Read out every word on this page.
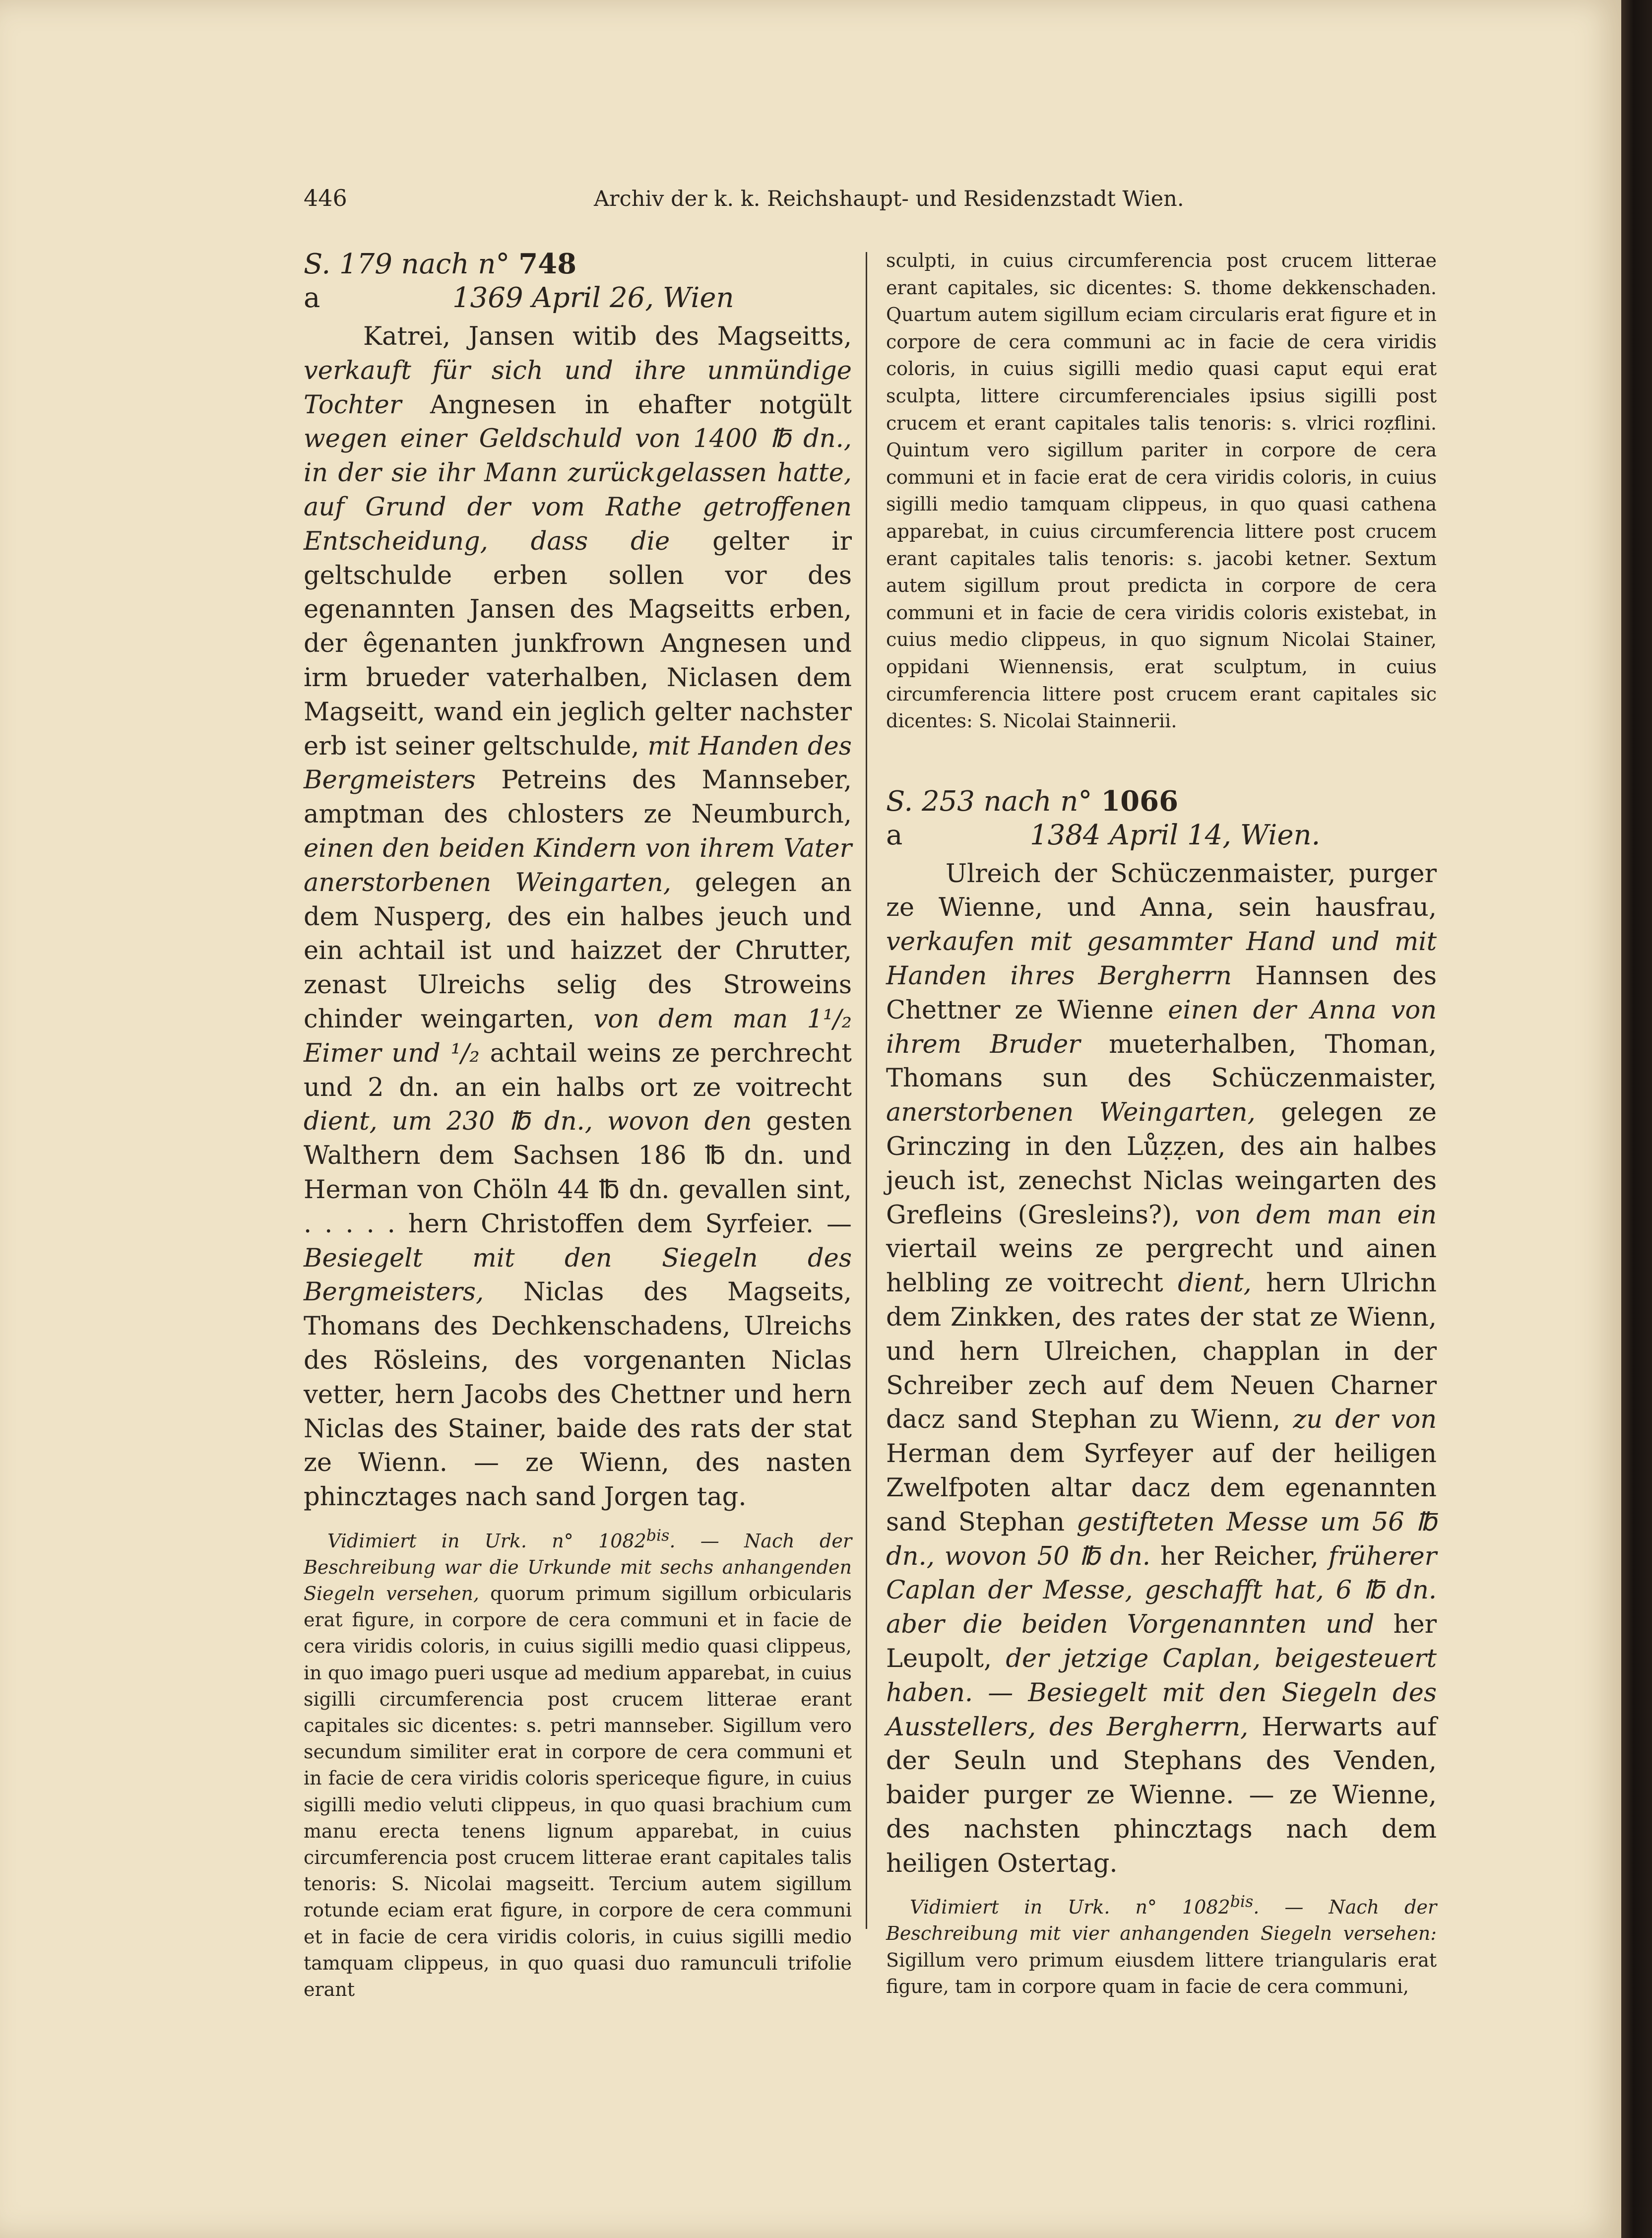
446	Archiv der k. k. Reichshaupt- und Residenzstadt Wien.

S. 179 nach n° 748

a	1369 April 26, Wien

Katrei, Jansen witib des Magseitts, verkauft für sich und ihre unmündige Tochter Angnesen in ehafter notgült wegen einer Geldschuld von 1400 ℔ dn., in der sie ihr Mann zurückgelassen hatte, auf Grund der vom Rathe getroffenen Entscheidung, dass die gelter ir geltschulde erben sollen vor des egenannten Jansen des Magseitts erben, der êgenanten junkfrown Angnesen und irm brueder vaterhalben, Niclasen dem Magseitt, wand ein jeglich gelter nachster erb ist seiner geltschulde, mit Handen des Bergmeisters Petreins des Mannseber, amptman des chlosters ze Neumburch, einen den beiden Kindern von ihrem Vater anerstorbenen Weingarten, gelegen an dem Nusperg, des ein halbes jeuch und ein achtail ist und haizzet der Chrutter, zenast Ulreichs selig des Stroweins chinder weingarten, von dem man 1¹/₂ Eimer und ¹/₂ achtail weins ze perchrecht und 2 dn. an ein halbs ort ze voitrecht dient, um 230 ℔ dn., wovon den gesten Walthern dem Sachsen 186 ℔ dn. und Herman von Chöln 44 ℔ dn. gevallen sint, . . . . . hern Christoffen dem Syrfeier. — Besiegelt mit den Siegeln des Bergmeisters, Niclas des Magseits, Thomans des Dechkenschadens, Ulreichs des Rösleins, des vorgenanten Niclas vetter, hern Jacobs des Chettner und hern Niclas des Stainer, baide des rats der stat ze Wienn. — ze Wienn, des nasten phincztages nach sand Jorgen tag.

Vidimiert in Urk. n° $1082^{bis}$. — Nach der Beschreibung war die Urkunde mit sechs anhangenden Siegeln versehen, quorum primum sigillum orbicularis erat figure, in corpore de cera communi et in facie de cera viridis coloris, in cuius sigilli medio quasi clippeus, in quo imago pueri usque ad medium apparebat, in cuius sigilli circumferencia post crucem litterae erant capitales sic dicentes: s. petri mannseber. Sigillum vero secundum similiter erat in corpore de cera communi et in facie de cera viridis coloris spericeque figure, in cuius sigilli medio veluti clippeus, in quo quasi brachium cum manu erecta tenens lignum apparebat, in cuius circumferencia post crucem litterae erant capitales talis tenoris: S. Nicolai magseitt. Tercium autem sigillum rotunde eciam erat figure, in corpore de cera communi et in facie de cera viridis coloris, in cuius sigilli medio tamquam clippeus, in quo quasi duo ramunculi trifolie erant

sculpti, in cuius circumferencia post crucem litterae erant capitales, sic dicentes: S. thome dekkenschaden. Quartum autem sigillum eciam circularis erat figure et in corpore de cera communi ac in facie de cera viridis coloris, in cuius sigilli medio quasi caput equi erat sculpta, littere circumferenciales ipsius sigilli post crucem et erant capitales talis tenoris: s. vlrici roẓflini. Quintum vero sigillum pariter in corpore de cera communi et in facie erat de cera viridis coloris, in cuius sigilli medio tamquam clippeus, in quo quasi cathena apparebat, in cuius circumferencia littere post crucem erant capitales talis tenoris: s. jacobi ketner. Sextum autem sigillum prout predicta in corpore de cera communi et in facie de cera viridis coloris existebat, in cuius medio clippeus, in quo signum Nicolai Stainer, oppidani Wiennensis, erat sculptum, in cuius circumferencia littere post crucem erant capitales sic dicentes: S. Nicolai Stainnerii.

S. 253 nach n° 1066

a	1384 April 14, Wien.

Ulreich der Schüczenmaister, purger ze Wienne, und Anna, sein hausfrau, verkaufen mit gesammter Hand und mit Handen ihres Bergherrn Hannsen des Chettner ze Wienne einen der Anna von ihrem Bruder mueterhalben, Thoman, Thomans sun des Schüczenmaister, anerstorbenen Weingarten, gelegen ze Grinczing in den Lůẓẓen, des ain halbes jeuch ist, zenechst Niclas weingarten des Grefleins (Gresleins?), von dem man ein viertail weins ze pergrecht und ainen helbling ze voitrecht dient, hern Ulrichn dem Zinkken, des rates der stat ze Wienn, und hern Ulreichen, chapplan in der Schreiber zech auf dem Neuen Charner dacz sand Stephan zu Wienn, zu der von Herman dem Syrfeyer auf der heiligen Zwelfpoten altar dacz dem egenannten sand Stephan gestifteten Messe um 56 ℔ dn., wovon 50 ℔ dn. her Reicher, früherer Caplan der Messe, geschafft hat, 6 ℔ dn. aber die beiden Vorgenannten und her Leupolt, der jetzige Caplan, beigesteuert haben. — Besiegelt mit den Siegeln des Ausstellers, des Bergherrn, Herwarts auf der Seuln und Stephans des Venden, baider purger ze Wienne. — ze Wienne, des nachsten phincztags nach dem heiligen Ostertag.

Vidimiert in Urk. n° $1082^{bis}$. — Nach der Beschreibung mit vier anhangenden Siegeln versehen: Sigillum vero primum eiusdem littere triangularis erat figure, tam in corpore quam in facie de cera communi,
